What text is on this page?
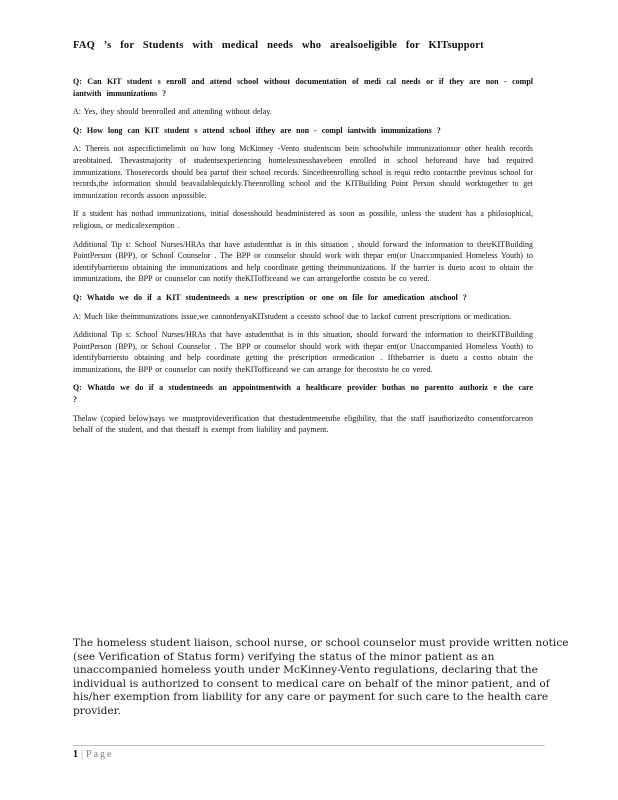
FAQ ’s for Students with medical needs who arealsoeligible for KITsupport

Q: Can KIT student s enroll and attend school without documentation of medi cal needs or if they are non - compl iantwith immunizations ?

A: Yes, they should beenrolled and attending without delay.

Q: How long can KIT student s attend school ifthey are non - compl iantwith immunizations ?

A: Thereis not aspecifictimelimit on how long McKinney -Vento studentscan bein schoolwhile immunizationsor other health records areobtained. Thevastmajority of studentsexperiencing homelessnesshavebeen enrolled in school beforeand have had required immunizations. Thoserecords should bea partof their school records. Sincetheenrolling school is requi redto contactthe previous school for records,the information should beavailablequickly.Theenrolling school and the KITBuilding Point Person should worktogether to get immunization records assoon aspossible.

If a student has nothad immunizations, initial dosesshould beadministered as soon as possible, unless the student has a philosophical, religious, or medicalexemption .

Additional Tip s: School Nurses/HRAs that have astudentthat is in this situation , should forward the information to theirKITBuilding PointPerson (BPP), or School Counselor . The BPP or counselor should work with thepar ent(or Unaccompanied Homeless Youth) to identifybarriersto obtaining the immunizations and help coordinate getting theimmunizations. If the barrier is dueto acost to obtain the immunizations, the BPP or counselor can notify theKITofficeand we can arrangeforthe coststo be co vered.

Q: Whatdo we do if a KIT studentneeds a new prescription or one on file for amedication atschool ?

A: Much like theimmunizations issue,we cannotdenyaKITstudent a ccessto school due to lackof current prescriptions or medication.

Additional Tip s: School Nurses/HRAs that have astudentthat is in this situation, should forward the information to theirKITBuilding PointPerson (BPP), or School Counselor . The BPP or counselor should work with thepar ent(or Unaccompanied Homeless Youth) to identifybarriersto obtaining and help coordinate getting the prescription ormedication . Ifthebarrier is dueto a costto obtain the immunizations, the BPP or counselor can notify theKITofficeand we can arrange for thecoststo be co vered.

Q: Whatdo we do if a studentneeds an appointmentwith a healthcare provider buthas no parentto authoriz e the care ?

Thelaw (copied below)says we mustprovideverification that thestudentmeetsthe eligibility, that the staff isauthorizedto consentforcareon behalf of the student, and that thestaff is exempt from liability and payment.

The homeless student liaison, school nurse, or school counselor must provide written notice (see Verification of Status form) verifying the status of the minor patient as an unaccompanied homeless youth under McKinney-Vento regulations, declaring that the individual is authorized to consent to medical care on behalf of the minor patient, and of his/her exemption from liability for any care or payment for such care to the health care provider.
1 | Page
